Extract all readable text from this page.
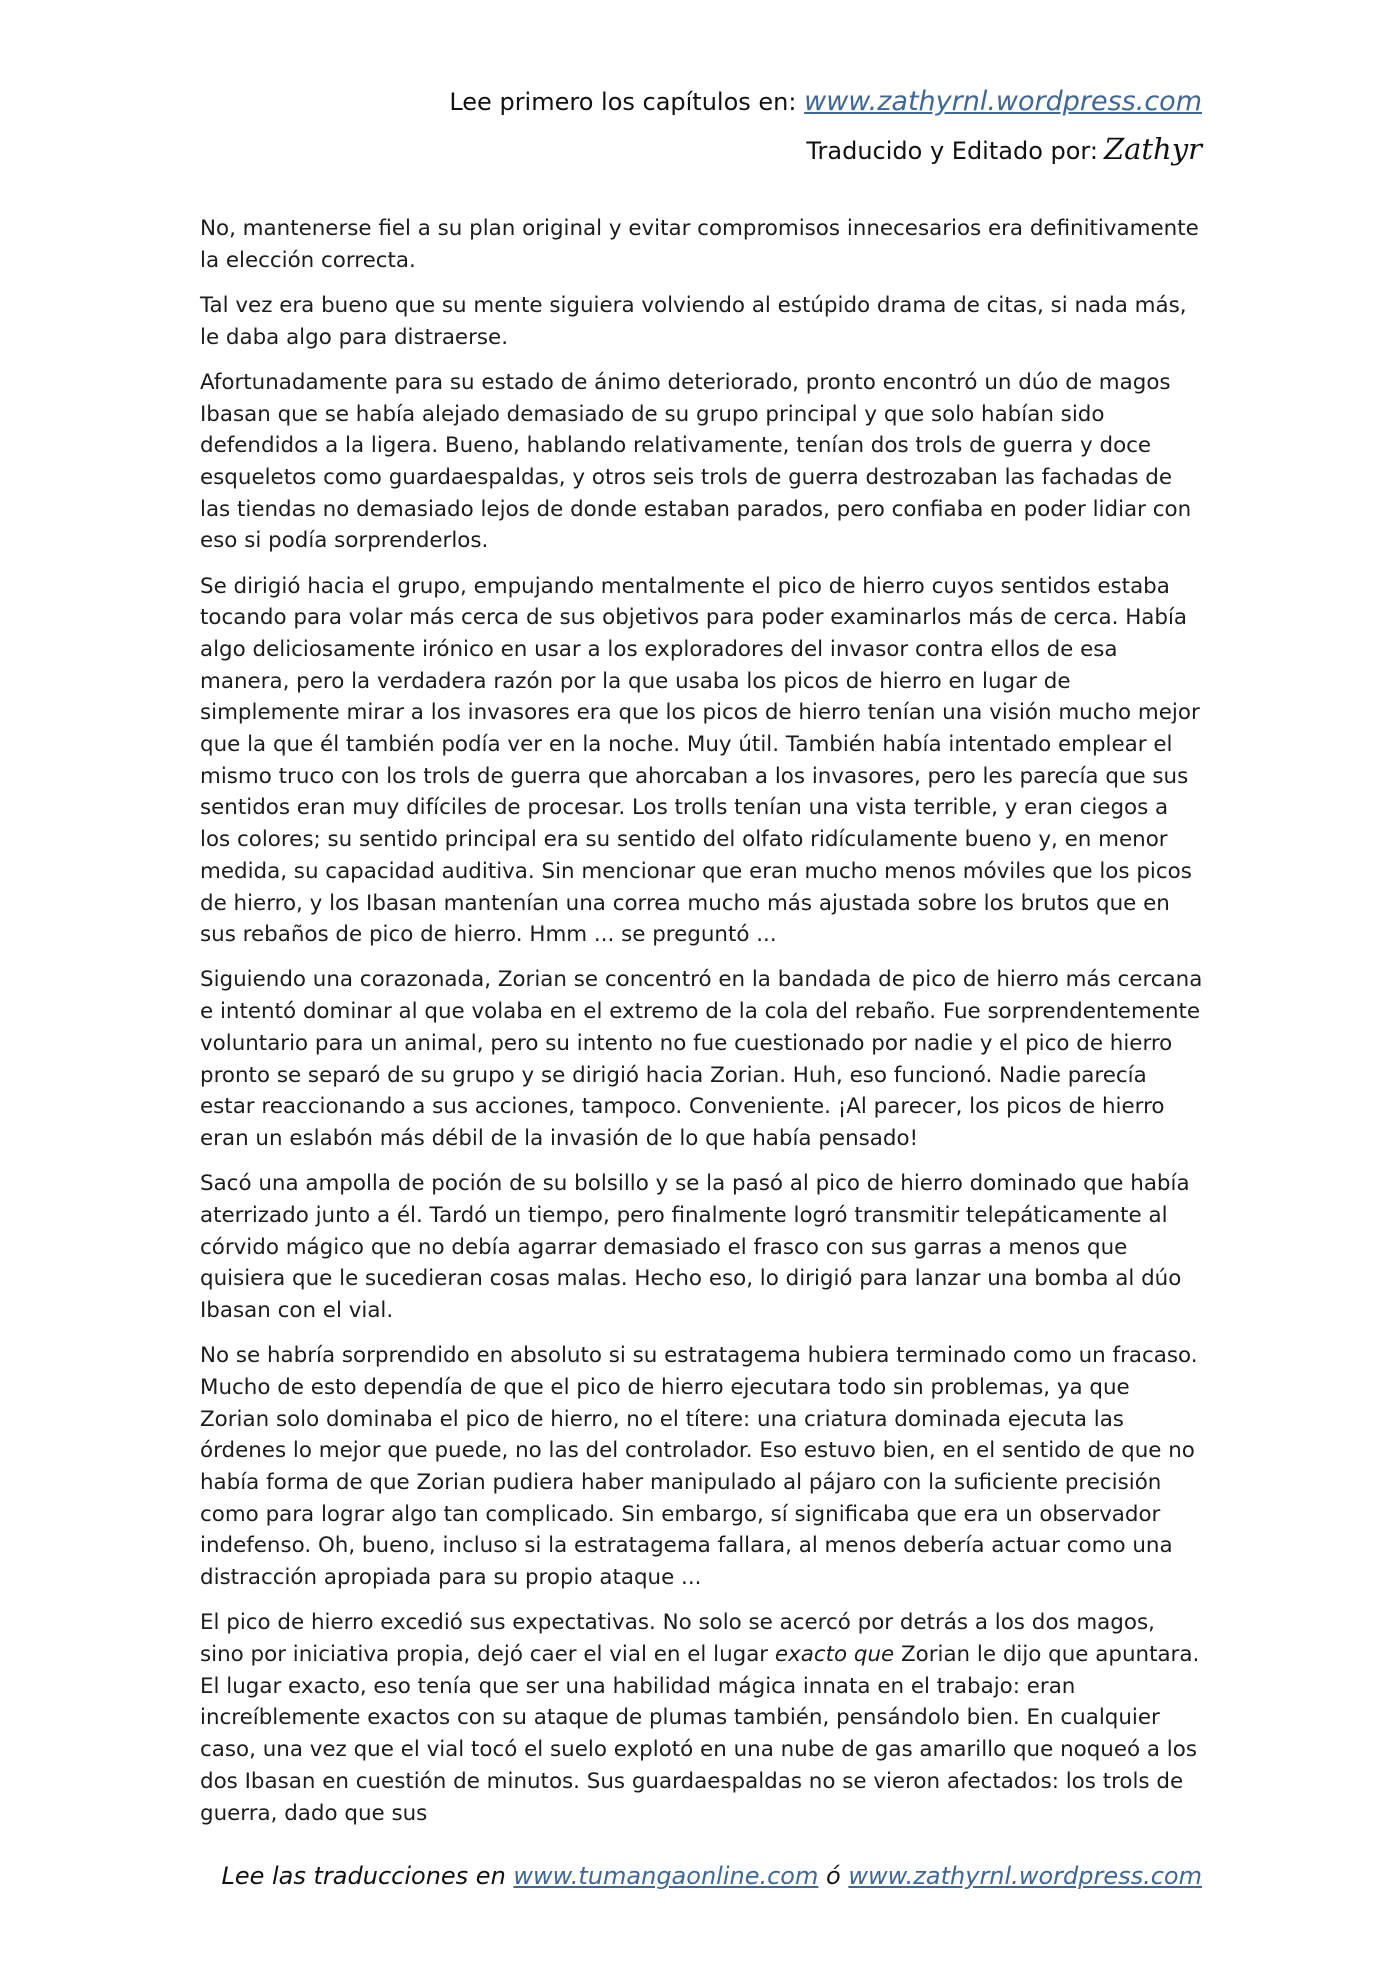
Lee primero los capítulos en: www.zathyrnl.wordpress.com
Traducido y Editado por: Zathyr

No, mantenerse fiel a su plan original y evitar compromisos innecesarios era definitivamente la elección correcta.

Tal vez era bueno que su mente siguiera volviendo al estúpido drama de citas, si nada más, le daba algo para distraerse.

Afortunadamente para su estado de ánimo deteriorado, pronto encontró un dúo de magos Ibasan que se había alejado demasiado de su grupo principal y que solo habían sido defendidos a la ligera. Bueno, hablando relativamente, tenían dos trols de guerra y doce esqueletos como guardaespaldas, y otros seis trols de guerra destrozaban las fachadas de las tiendas no demasiado lejos de donde estaban parados, pero confiaba en poder lidiar con eso si podía sorprenderlos.

Se dirigió hacia el grupo, empujando mentalmente el pico de hierro cuyos sentidos estaba tocando para volar más cerca de sus objetivos para poder examinarlos más de cerca. Había algo deliciosamente irónico en usar a los exploradores del invasor contra ellos de esa manera, pero la verdadera razón por la que usaba los picos de hierro en lugar de simplemente mirar a los invasores era que los picos de hierro tenían una visión mucho mejor que la que él también podía ver en la noche. Muy útil. También había intentado emplear el mismo truco con los trols de guerra que ahorcaban a los invasores, pero les parecía que sus sentidos eran muy difíciles de procesar. Los trolls tenían una vista terrible, y eran ciegos a los colores; su sentido principal era su sentido del olfato ridículamente bueno y, en menor medida, su capacidad auditiva. Sin mencionar que eran mucho menos móviles que los picos de hierro, y los Ibasan mantenían una correa mucho más ajustada sobre los brutos que en sus rebaños de pico de hierro. Hmm ... se preguntó ...

Siguiendo una corazonada, Zorian se concentró en la bandada de pico de hierro más cercana e intentó dominar al que volaba en el extremo de la cola del rebaño. Fue sorprendentemente voluntario para un animal, pero su intento no fue cuestionado por nadie y el pico de hierro pronto se separó de su grupo y se dirigió hacia Zorian. Huh, eso funcionó. Nadie parecía estar reaccionando a sus acciones, tampoco. Conveniente. ¡Al parecer, los picos de hierro eran un eslabón más débil de la invasión de lo que había pensado!

Sacó una ampolla de poción de su bolsillo y se la pasó al pico de hierro dominado que había aterrizado junto a él. Tardó un tiempo, pero finalmente logró transmitir telepáticamente al córvido mágico que no debía agarrar demasiado el frasco con sus garras a menos que quisiera que le sucedieran cosas malas. Hecho eso, lo dirigió para lanzar una bomba al dúo Ibasan con el vial.

No se habría sorprendido en absoluto si su estratagema hubiera terminado como un fracaso. Mucho de esto dependía de que el pico de hierro ejecutara todo sin problemas, ya que Zorian solo dominaba el pico de hierro, no el títere: una criatura dominada ejecuta las órdenes lo mejor que puede, no las del controlador. Eso estuvo bien, en el sentido de que no había forma de que Zorian pudiera haber manipulado al pájaro con la suficiente precisión como para lograr algo tan complicado. Sin embargo, sí significaba que era un observador indefenso. Oh, bueno, incluso si la estratagema fallara, al menos debería actuar como una distracción apropiada para su propio ataque ...

El pico de hierro excedió sus expectativas. No solo se acercó por detrás a los dos magos, sino por iniciativa propia, dejó caer el vial en el lugar exacto que Zorian le dijo que apuntara. El lugar exacto, eso tenía que ser una habilidad mágica innata en el trabajo: eran increíblemente exactos con su ataque de plumas también, pensándolo bien. En cualquier caso, una vez que el vial tocó el suelo explotó en una nube de gas amarillo que noqueó a los dos Ibasan en cuestión de minutos. Sus guardaespaldas no se vieron afectados: los trols de guerra, dado que sus

Lee las traducciones en www.tumangaonline.com ó www.zathyrnl.wordpress.com
